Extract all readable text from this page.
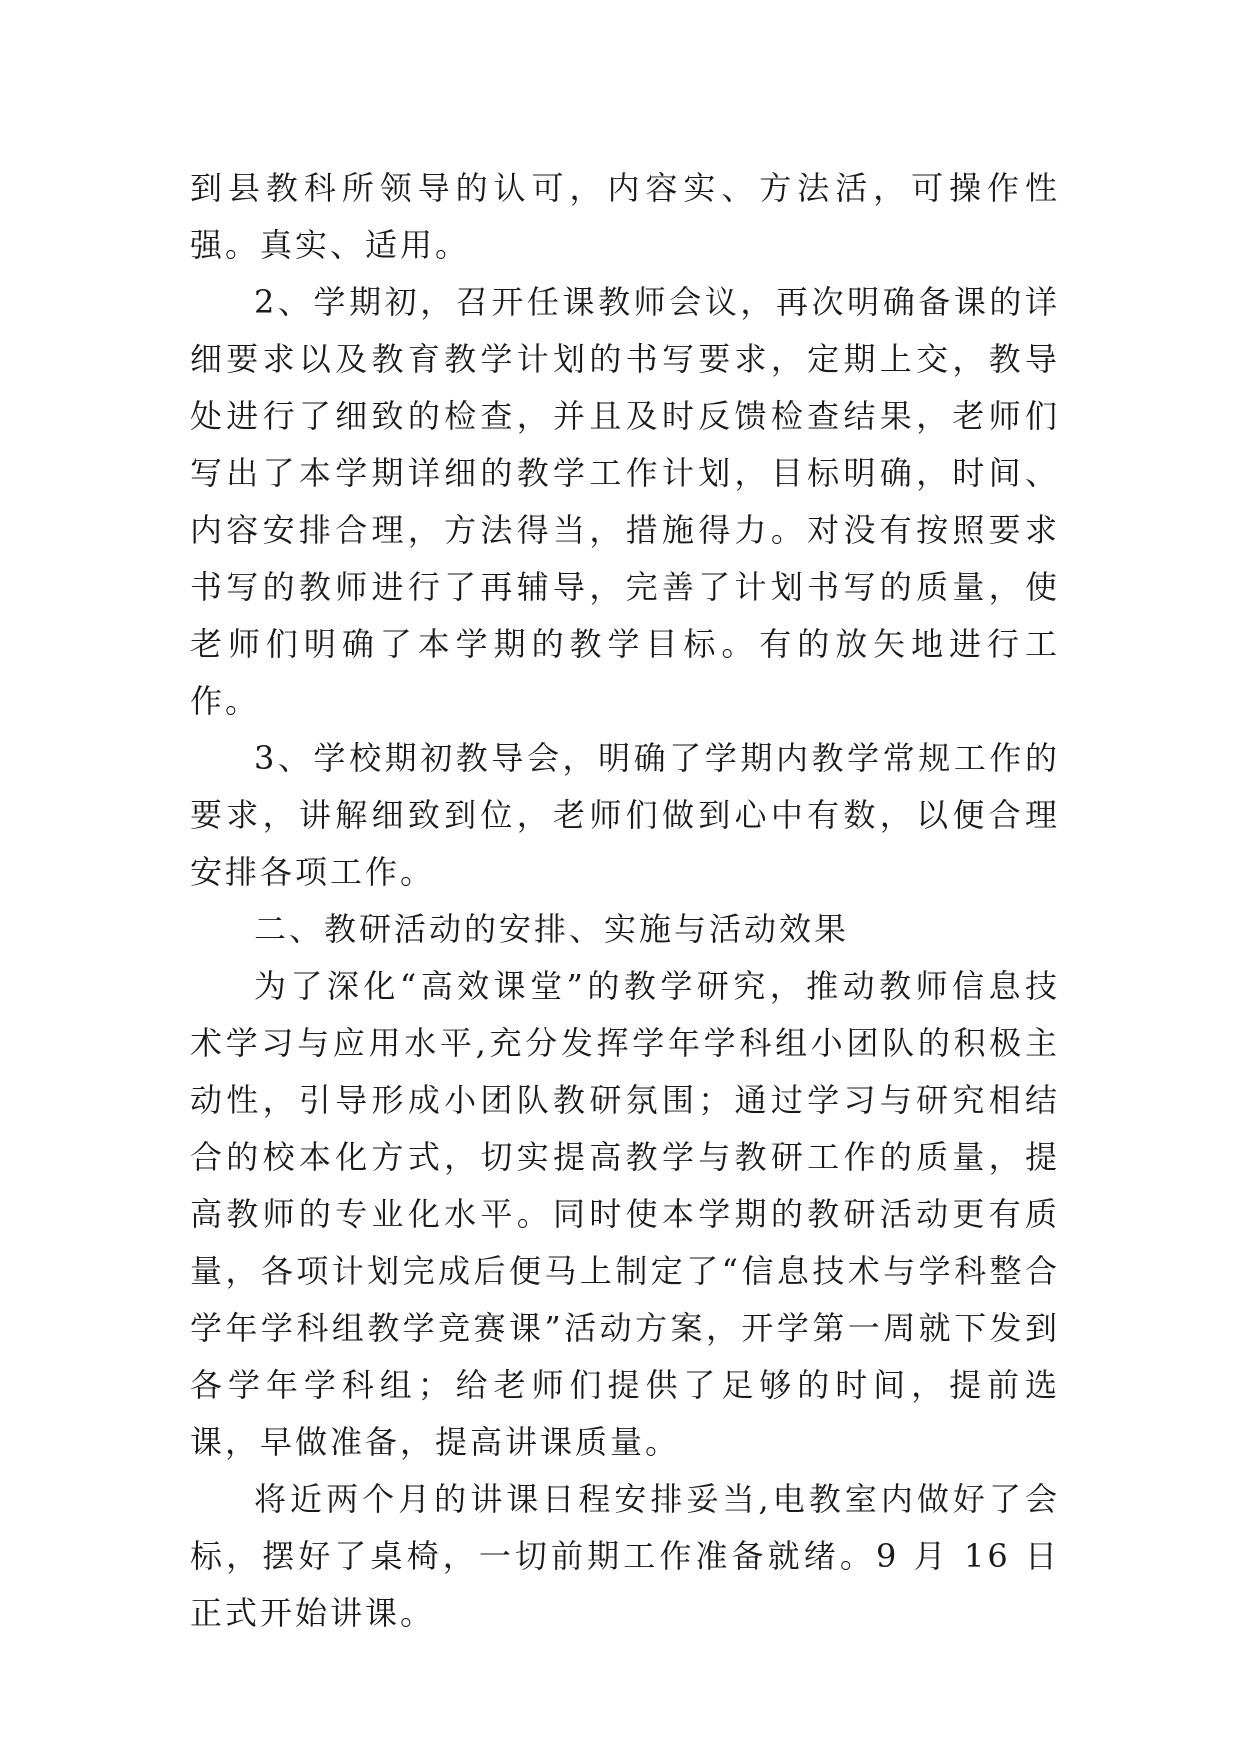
到县教科所领导的认可，内容实、方法活，可操作性强。真实、适用。

2、学期初，召开任课教师会议，再次明确备课的详细要求以及教育教学计划的书写要求，定期上交，教导处进行了细致的检查，并且及时反馈检查结果，老师们写出了本学期详细的教学工作计划，目标明确，时间、内容安排合理，方法得当，措施得力。对没有按照要求书写的教师进行了再辅导，完善了计划书写的质量，使老师们明确了本学期的教学目标。有的放矢地进行工作。

3、学校期初教导会，明确了学期内教学常规工作的要求，讲解细致到位，老师们做到心中有数，以便合理安排各项工作。

二、教研活动的安排、实施与活动效果

为了深化“高效课堂”的教学研究，推动教师信息技术学习与应用水平,充分发挥学年学科组小团队的积极主动性，引导形成小团队教研氛围；通过学习与研究相结合的校本化方式，切实提高教学与教研工作的质量，提高教师的专业化水平。同时使本学期的教研活动更有质量，各项计划完成后便马上制定了“信息技术与学科整合学年学科组教学竞赛课”活动方案，开学第一周就下发到各学年学科组；给老师们提供了足够的时间，提前选课，早做准备，提高讲课质量。

将近两个月的讲课日程安排妥当,电教室内做好了会标，摆好了桌椅，一切前期工作准备就绪。9 月 16 日正式开始讲课。
